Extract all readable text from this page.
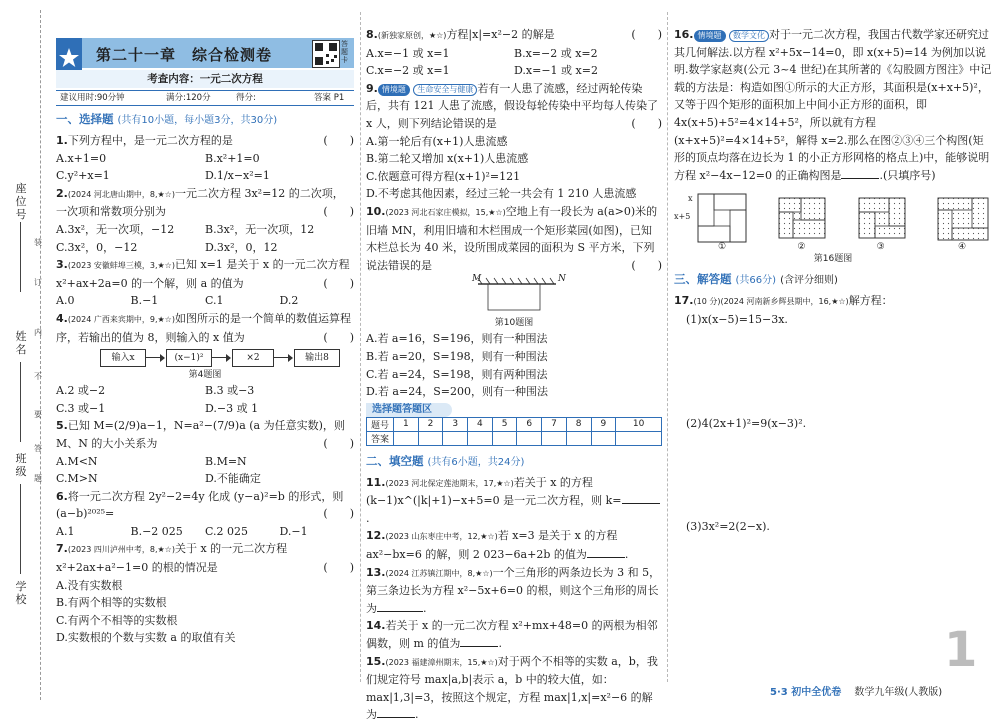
座位号
姓名
班级
学校
装
订
内
不
要
答
题
第二十一章　综合检测卷
答题卡
考查内容：一元二次方程
建议用时:90分钟	满分:120分	得分:	答案 P1
一、选择题 (共有10小题，每小题3分，共30分)

1.下列方程中，是一元二次方程的是	(　　)

A.x+1=0	B.x²+1=0
C.y²+x=1	D.1/x−x²=1

2.(2024 河北唐山期中，8,★☆)一元二次方程 3x²=12 的二次项，一次项和常数项分别为	(　　)

A.3x²，无一次项，−12	B.3x²，无一次项，12
C.3x²，0，−12	D.3x²，0，12

3.(2023 安徽蚌埠三模，3,★☆)已知 x=1 是关于 x 的一元二次方程 x²+ax+2a=0 的一个解，则 a 的值为	(　　)

A.0	B.−1	C.1	D.2

4.(2024 广西来宾期中，9,★☆)如图所示的是一个简单的数值运算程序，若输出的值为 8，则输入的 x 值为	(　　)

输入x	(x−1)²	×2	输出8
第4题图
A.2 或−2	B.3 或−3
C.3 或−1	D.−3 或 1

5.已知 M=(2/9)a−1，N=a²−(7/9)a (a 为任意实数)，则 M、N 的大小关系为	(　　)

A.M<N	B.M=N
C.M>N	D.不能确定

6.将一元二次方程 2y²−2=4y 化成 (y−a)²=b 的形式，则 (a−b)²⁰²⁵=	(　　)

A.1	B.−2 025	C.2 025	D.−1

7.(2023 四川泸州中考，8,★☆)关于 x 的一元二次方程 x²+2ax+a²−1=0 的根的情况是	(　　)

A.没有实数根
B.有两个相等的实数根
C.有两个不相等的实数根
D.实数根的个数与实数 a 的取值有关

8.(新独家原创，★☆)方程|x|=x²−2 的解是	(　　)

A.x=−1 或 x=1	B.x=−2 或 x=2
C.x=−2 或 x=1	D.x=−1 或 x=2

9. 情境题 生命安全与健康 若有一人患了流感，经过两轮传染后，共有 121 人患了流感，假设每轮传染中平均每人传染了 x 人，则下列结论错误的是	(　　)

A.第一轮后有(x+1)人患流感
B.第二轮又增加 x(x+1)人患流感
C.依题意可得方程(x+1)²=121
D.不考虑其他因素，经过三轮一共会有 1 210 人患流感

10.(2023 河北石家庄模拟，15,★☆)空地上有一段长为 a(a>0)米的旧墙 MN，利用旧墙和木栏围成一个矩形菜园(如图)，已知木栏总长为 40 米，设所围成菜园的面积为 S 平方米，下列说法错误的是	(　　)

M	N
第10题图
A.若 a=16，S=196，则有一种围法
B.若 a=20，S=198，则有一种围法
C.若 a=24，S=198，则有两种围法
D.若 a=24，S=200，则有一种围法
选择题答题区
题号	1	2	3	4	5	6	7	8	9	10
答案										
二、填空题 (共有6小题，共24分)

11.(2023 河北保定莲池期末，17,★☆)若关于 x 的方程(k−1)x^(|k|+1)−x+5=0 是一元二次方程，则 k=.

12.(2023 山东枣庄中考，12,★☆)若 x=3 是关于 x 的方程 ax²−bx=6 的解，则 2 023−6a+2b 的值为	.

13.(2024 江苏镇江期中，8,★☆)一个三角形的两条边长为 3 和 5，第三条边长为方程 x²−5x+6=0 的根，则这个三角形的周长为	.

14.若关于 x 的一元二次方程 x²+mx+48=0 的两根为相邻偶数，则 m 的值为	.

15.(2023 福建漳州期末，15,★☆)对于两个不相等的实数 a，b，我们规定符号 max|a,b|表示 a，b 中的较大值，如：max|1,3|=3，按照这个规定，方程 max|1,x|=x²−6 的解为	.

16. 情境题 数学文化 对于一元二次方程，我国古代数学家还研究过其几何解法.以方程 x²+5x−14=0，即 x(x+5)=14 为例加以说明.数学家赵爽(公元 3~4 世纪)在其所著的《勾股圆方图注》中记载的方法是：构造如图①所示的大正方形，其面积是(x+x+5)²，又等于四个矩形的面积加上中间小正方形的面积，即 4x(x+5)+5²=4×14+5²，所以就有方程(x+x+5)²=4×14+5²，解得 x=2.那么在图②③④三个构图(矩形的顶点均落在边长为 1 的小正方形网格的格点上)中，能够说明方程 x²−4x−12=0 的正确构图是	.(只填序号)

x
x+5
①	②	③	④
第16题图
三、解答题 (共66分) (含评分细则)

17.(10 分)(2024 河南新乡辉县期中，16,★☆)解方程：

(1)x(x−5)=15−3x.

(2)4(2x+1)²=9(x−3)².

(3)3x²=2(2−x).

1
5·3 初中全优卷 数学九年级(人教版)
